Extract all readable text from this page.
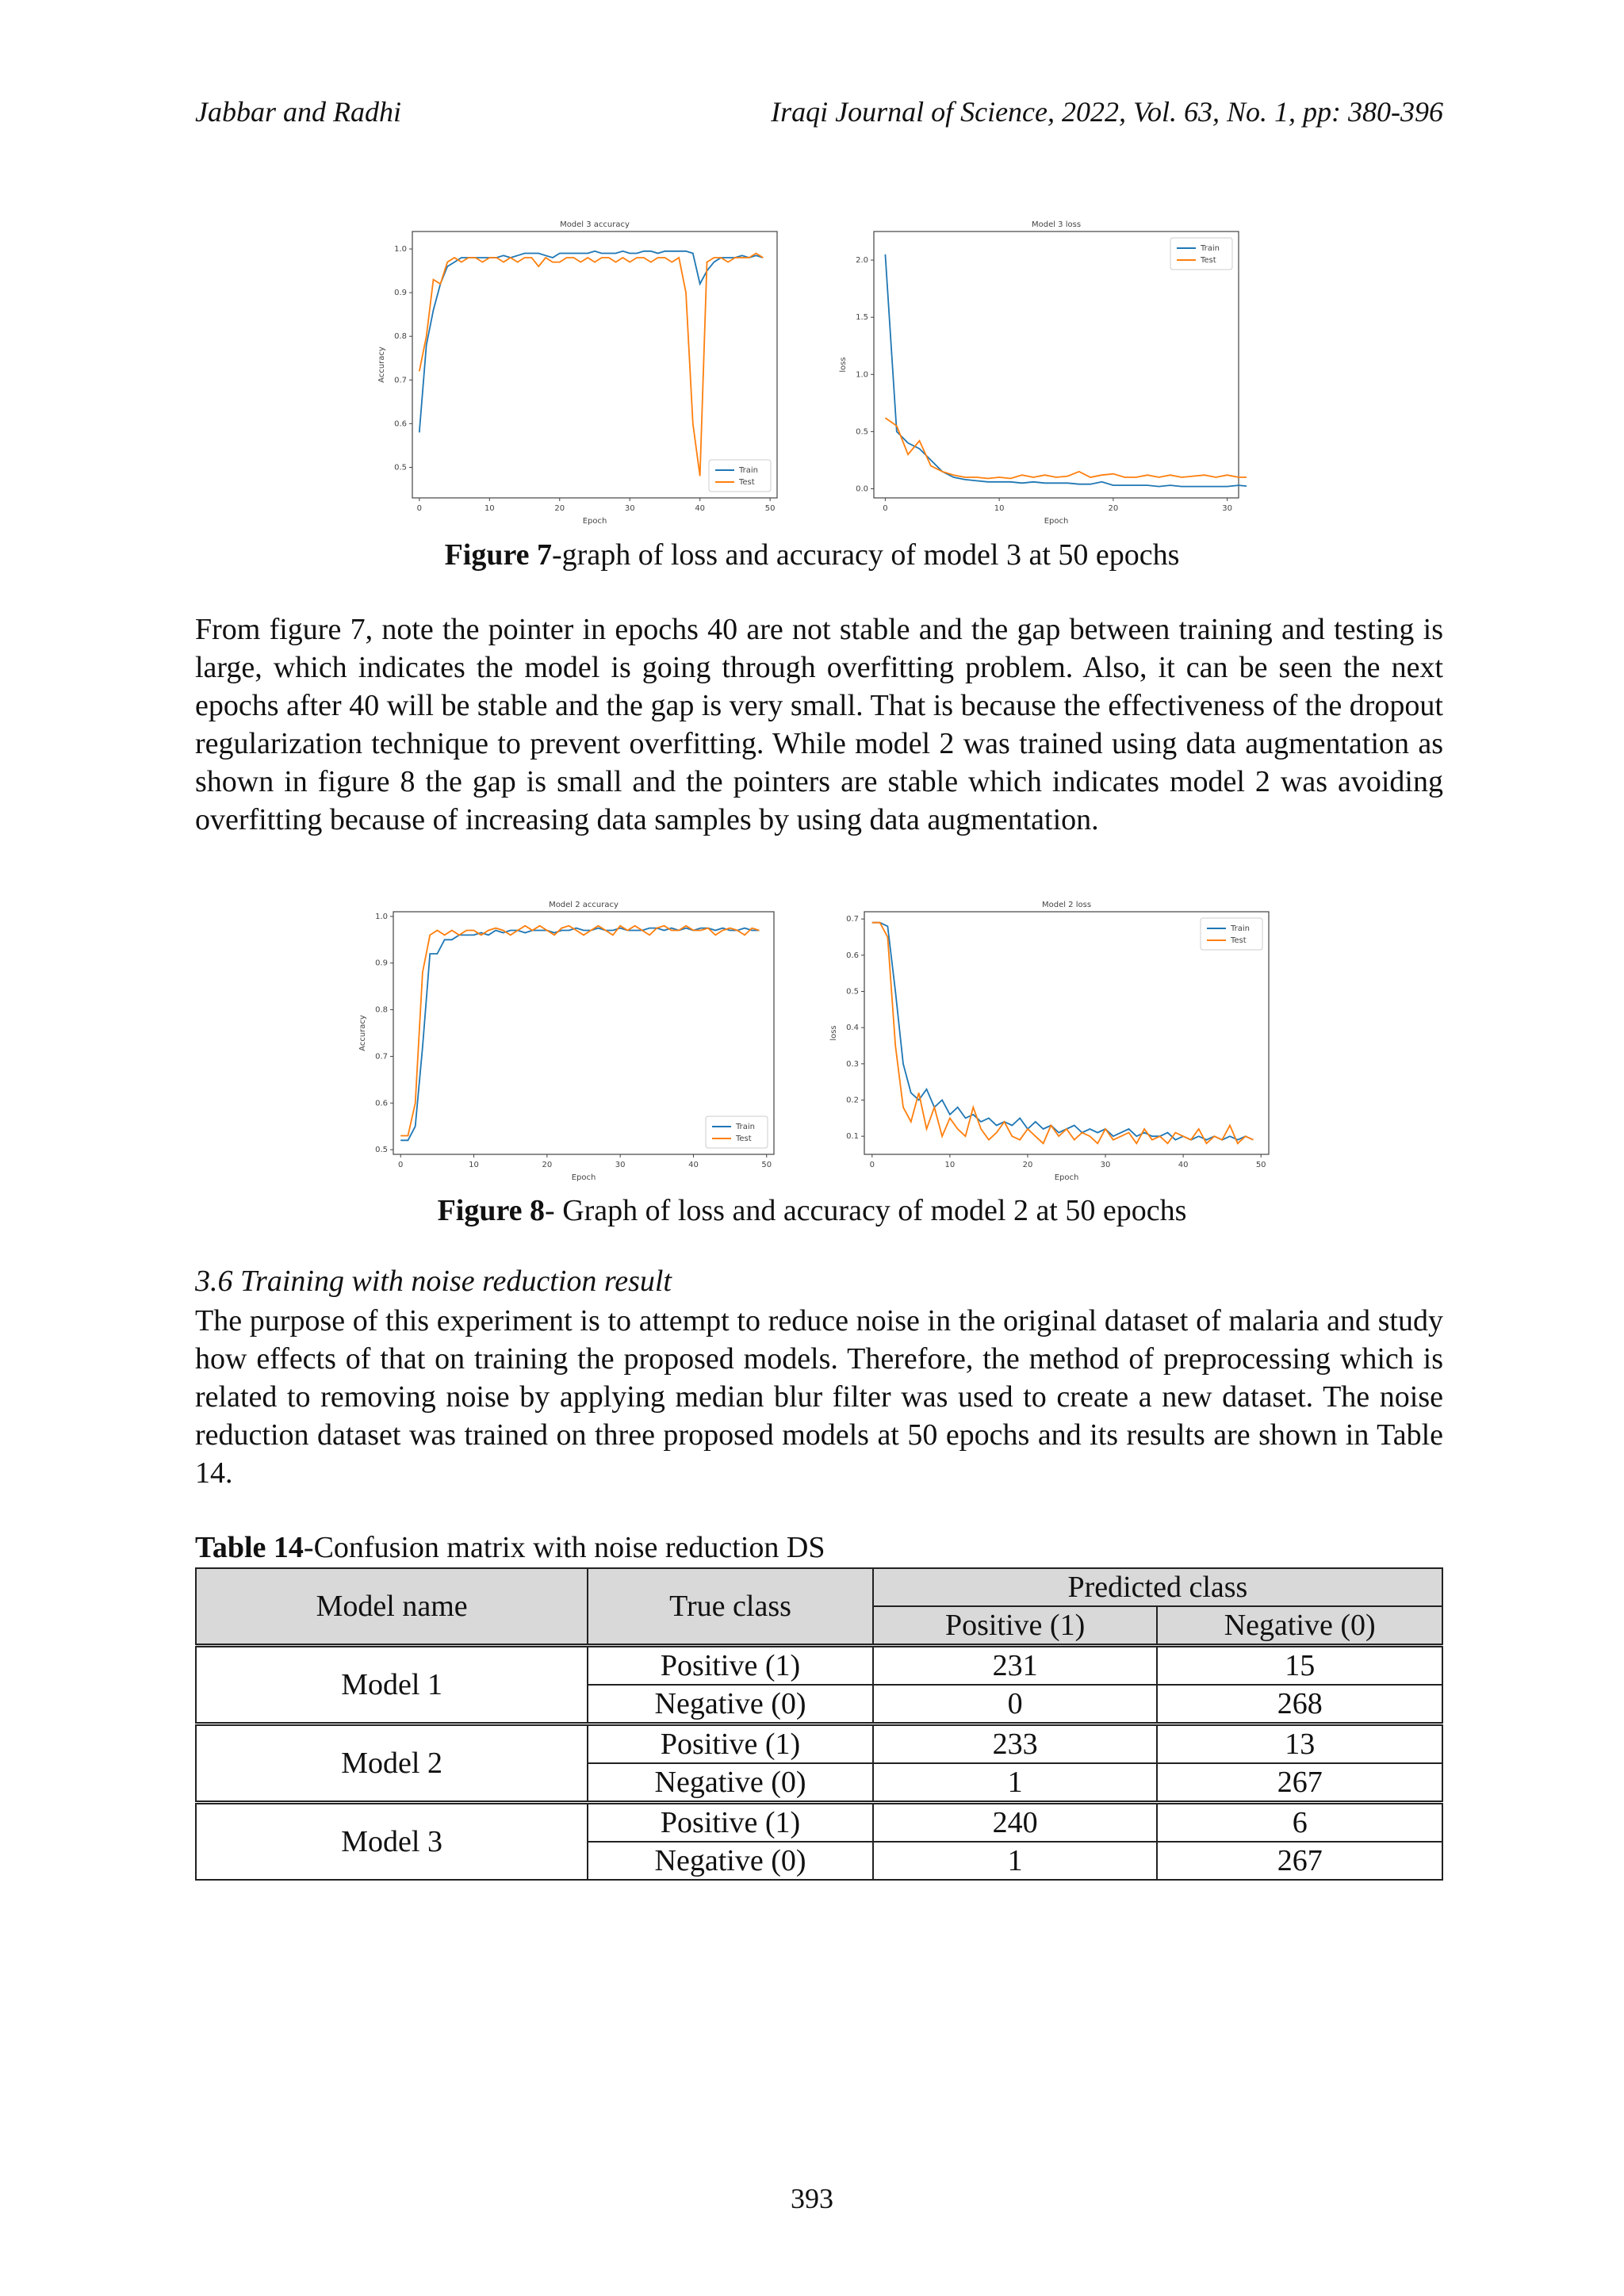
Jabbar and Radhi	Iraqi Journal of Science, 2022, Vol. 63, No. 1, pp: 380-396
Model 3 accuracy
0.5
0.6
0.7
0.8
0.9
1.0
0	10	20	30	40	50
Epoch
Accuracy
Train
Test
Model 3 loss
0.0
0.5
1.0
1.5
2.0
0	10	20	30
Epoch
loss
Train
Test
Figure 7-graph of loss and accuracy of model 3 at 50 epochs

From figure 7, note the pointer in epochs 40 are not stable and the gap between training and testing is large, which indicates the model is going through overfitting problem. Also, it can be seen the next epochs after 40 will be stable and the gap is very small. That is because the effectiveness of the dropout regularization technique to prevent overfitting. While model 2 was trained using data augmentation as shown in figure 8 the gap is small and the pointers are stable which indicates model 2 was avoiding overfitting because of increasing data samples by using data augmentation.

Model 2 accuracy
0.5
0.6
0.7
0.8
0.9
1.0
0	10	20	30	40	50
Epoch
Accuracy
Train
Test
Model 2 loss
0.1
0.2
0.3
0.4
0.5
0.6
0.7
0	10	20	30	40	50
Epoch
loss
Train
Test
Figure 8- Graph of loss and accuracy of model 2 at 50 epochs
3.6 Training with noise reduction result

The purpose of this experiment is to attempt to reduce noise in the original dataset of malaria and study how effects of that on training the proposed models. Therefore, the method of preprocessing which is related to removing noise by applying median blur filter was used to create a new dataset. The noise reduction dataset was trained on three proposed models at 50 epochs and its results are shown in Table 14.

Table 14-Confusion matrix with noise reduction DS
Model name	True class	Predicted class	
		Positive (1)	Negative (0)
Model 1	Positive (1)	231	15
	Negative (0)	0	268
Model 2	Positive (1)	233	13
	Negative (0)	1	267
Model 3	Positive (1)	240	6
	Negative (0)	1	267
393
